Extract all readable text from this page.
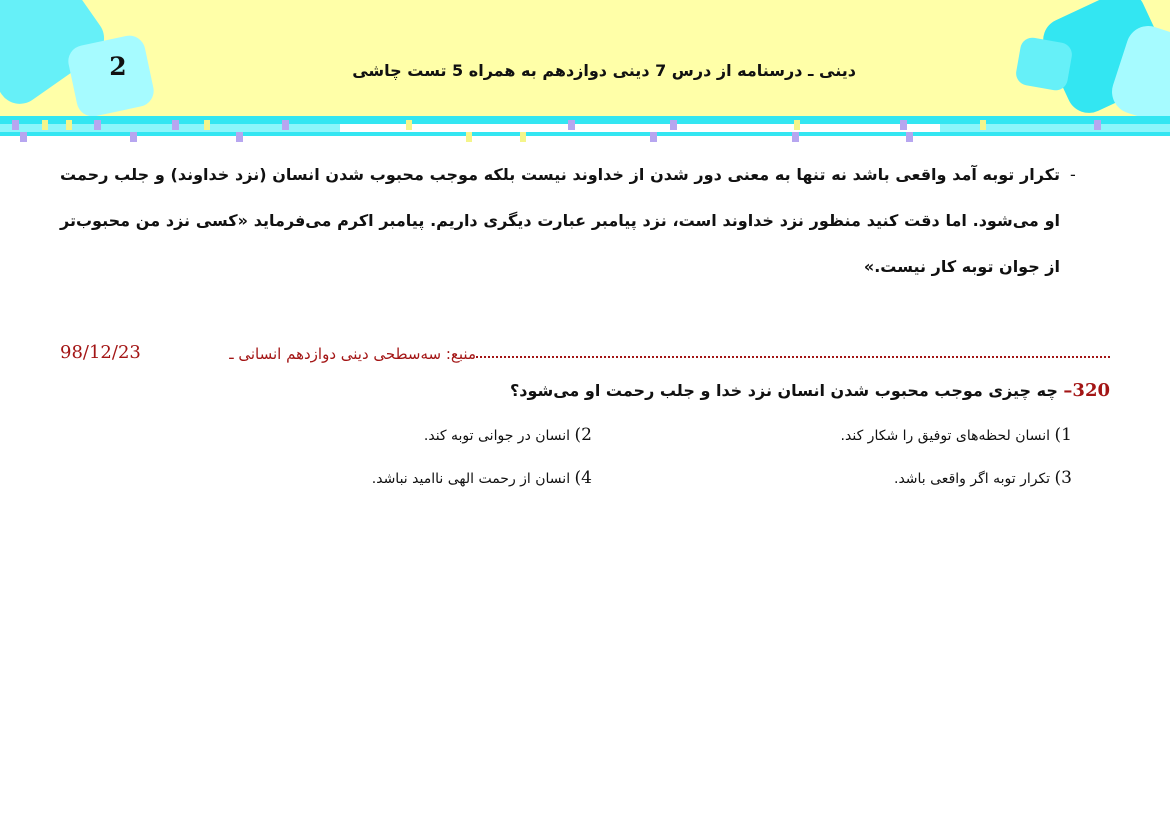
2	دینی ـ درسنامه از درس 7 دینی دوازدهم به همراه 5 تست چاشی
-
تکرار توبه آمد واقعی باشد نه تنها به معنی دور شدن از خداوند نیست بلکه موجب محبوب شدن انسان (نزد خداوند) و جلب رحمت او می‌شود. اما دقت کنید منظور نزد خداوند است، نزد پیامبر عبارت دیگری داریم. پیامبر اکرم می‌فرماید «کسی نزد من محبوب‌تر از جوان توبه کار نیست.»
98/12/23	منبع: سه‌سطحی دینی دوازدهم انسانی ـ
320– چه چیزی موجب محبوب شدن انسان نزد خدا و جلب رحمت او می‌شود؟
1) انسان لحظه‌های توفیق را شکار کند.
2) انسان در جوانی توبه کند.
3) تکرار توبه اگر واقعی باشد.
4) انسان از رحمت الهی ناامید نباشد.
